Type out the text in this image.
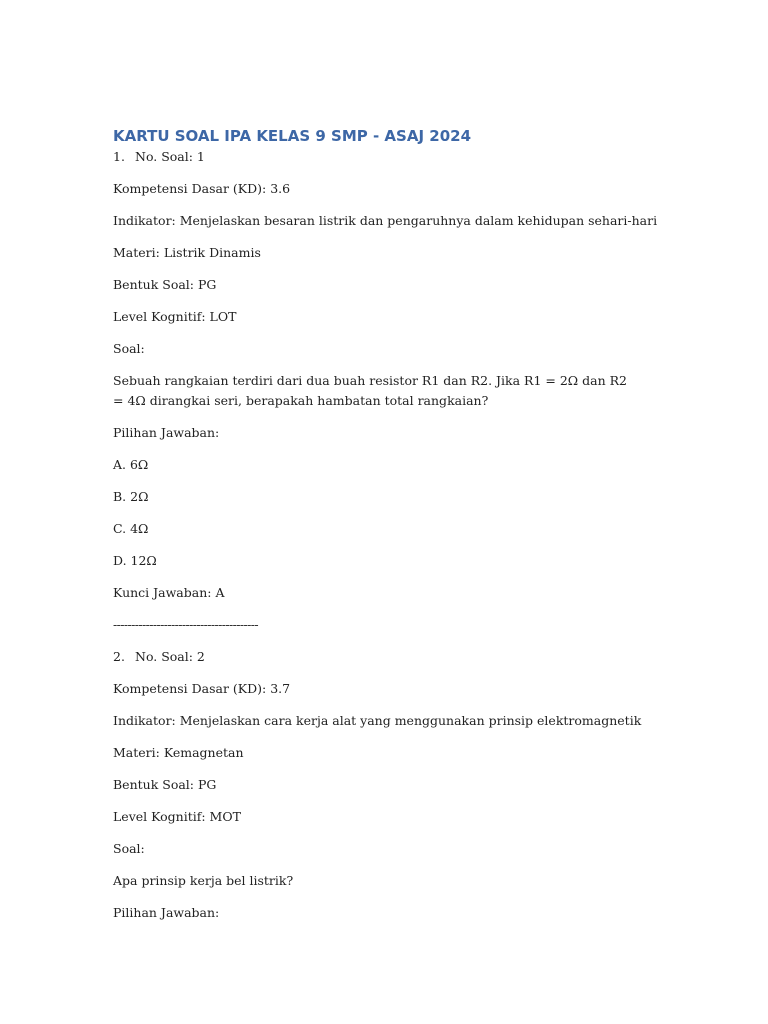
KARTU SOAL IPA KELAS 9 SMP - ASAJ 2024
1. No. Soal: 1
Kompetensi Dasar (KD): 3.6
Indikator: Menjelaskan besaran listrik dan pengaruhnya dalam kehidupan sehari-hari
Materi: Listrik Dinamis
Bentuk Soal: PG
Level Kognitif: LOT
Soal:
Sebuah rangkaian terdiri dari dua buah resistor R1 dan R2. Jika R1 = 2Ω dan R2 = 4Ω dirangkai seri, berapakah hambatan total rangkaian?
Pilihan Jawaban:
A. 6Ω
B. 2Ω
C. 4Ω
D. 12Ω
Kunci Jawaban: A
----------------------------------------
2. No. Soal: 2
Kompetensi Dasar (KD): 3.7
Indikator: Menjelaskan cara kerja alat yang menggunakan prinsip elektromagnetik
Materi: Kemagnetan
Bentuk Soal: PG
Level Kognitif: MOT
Soal:
Apa prinsip kerja bel listrik?
Pilihan Jawaban:
